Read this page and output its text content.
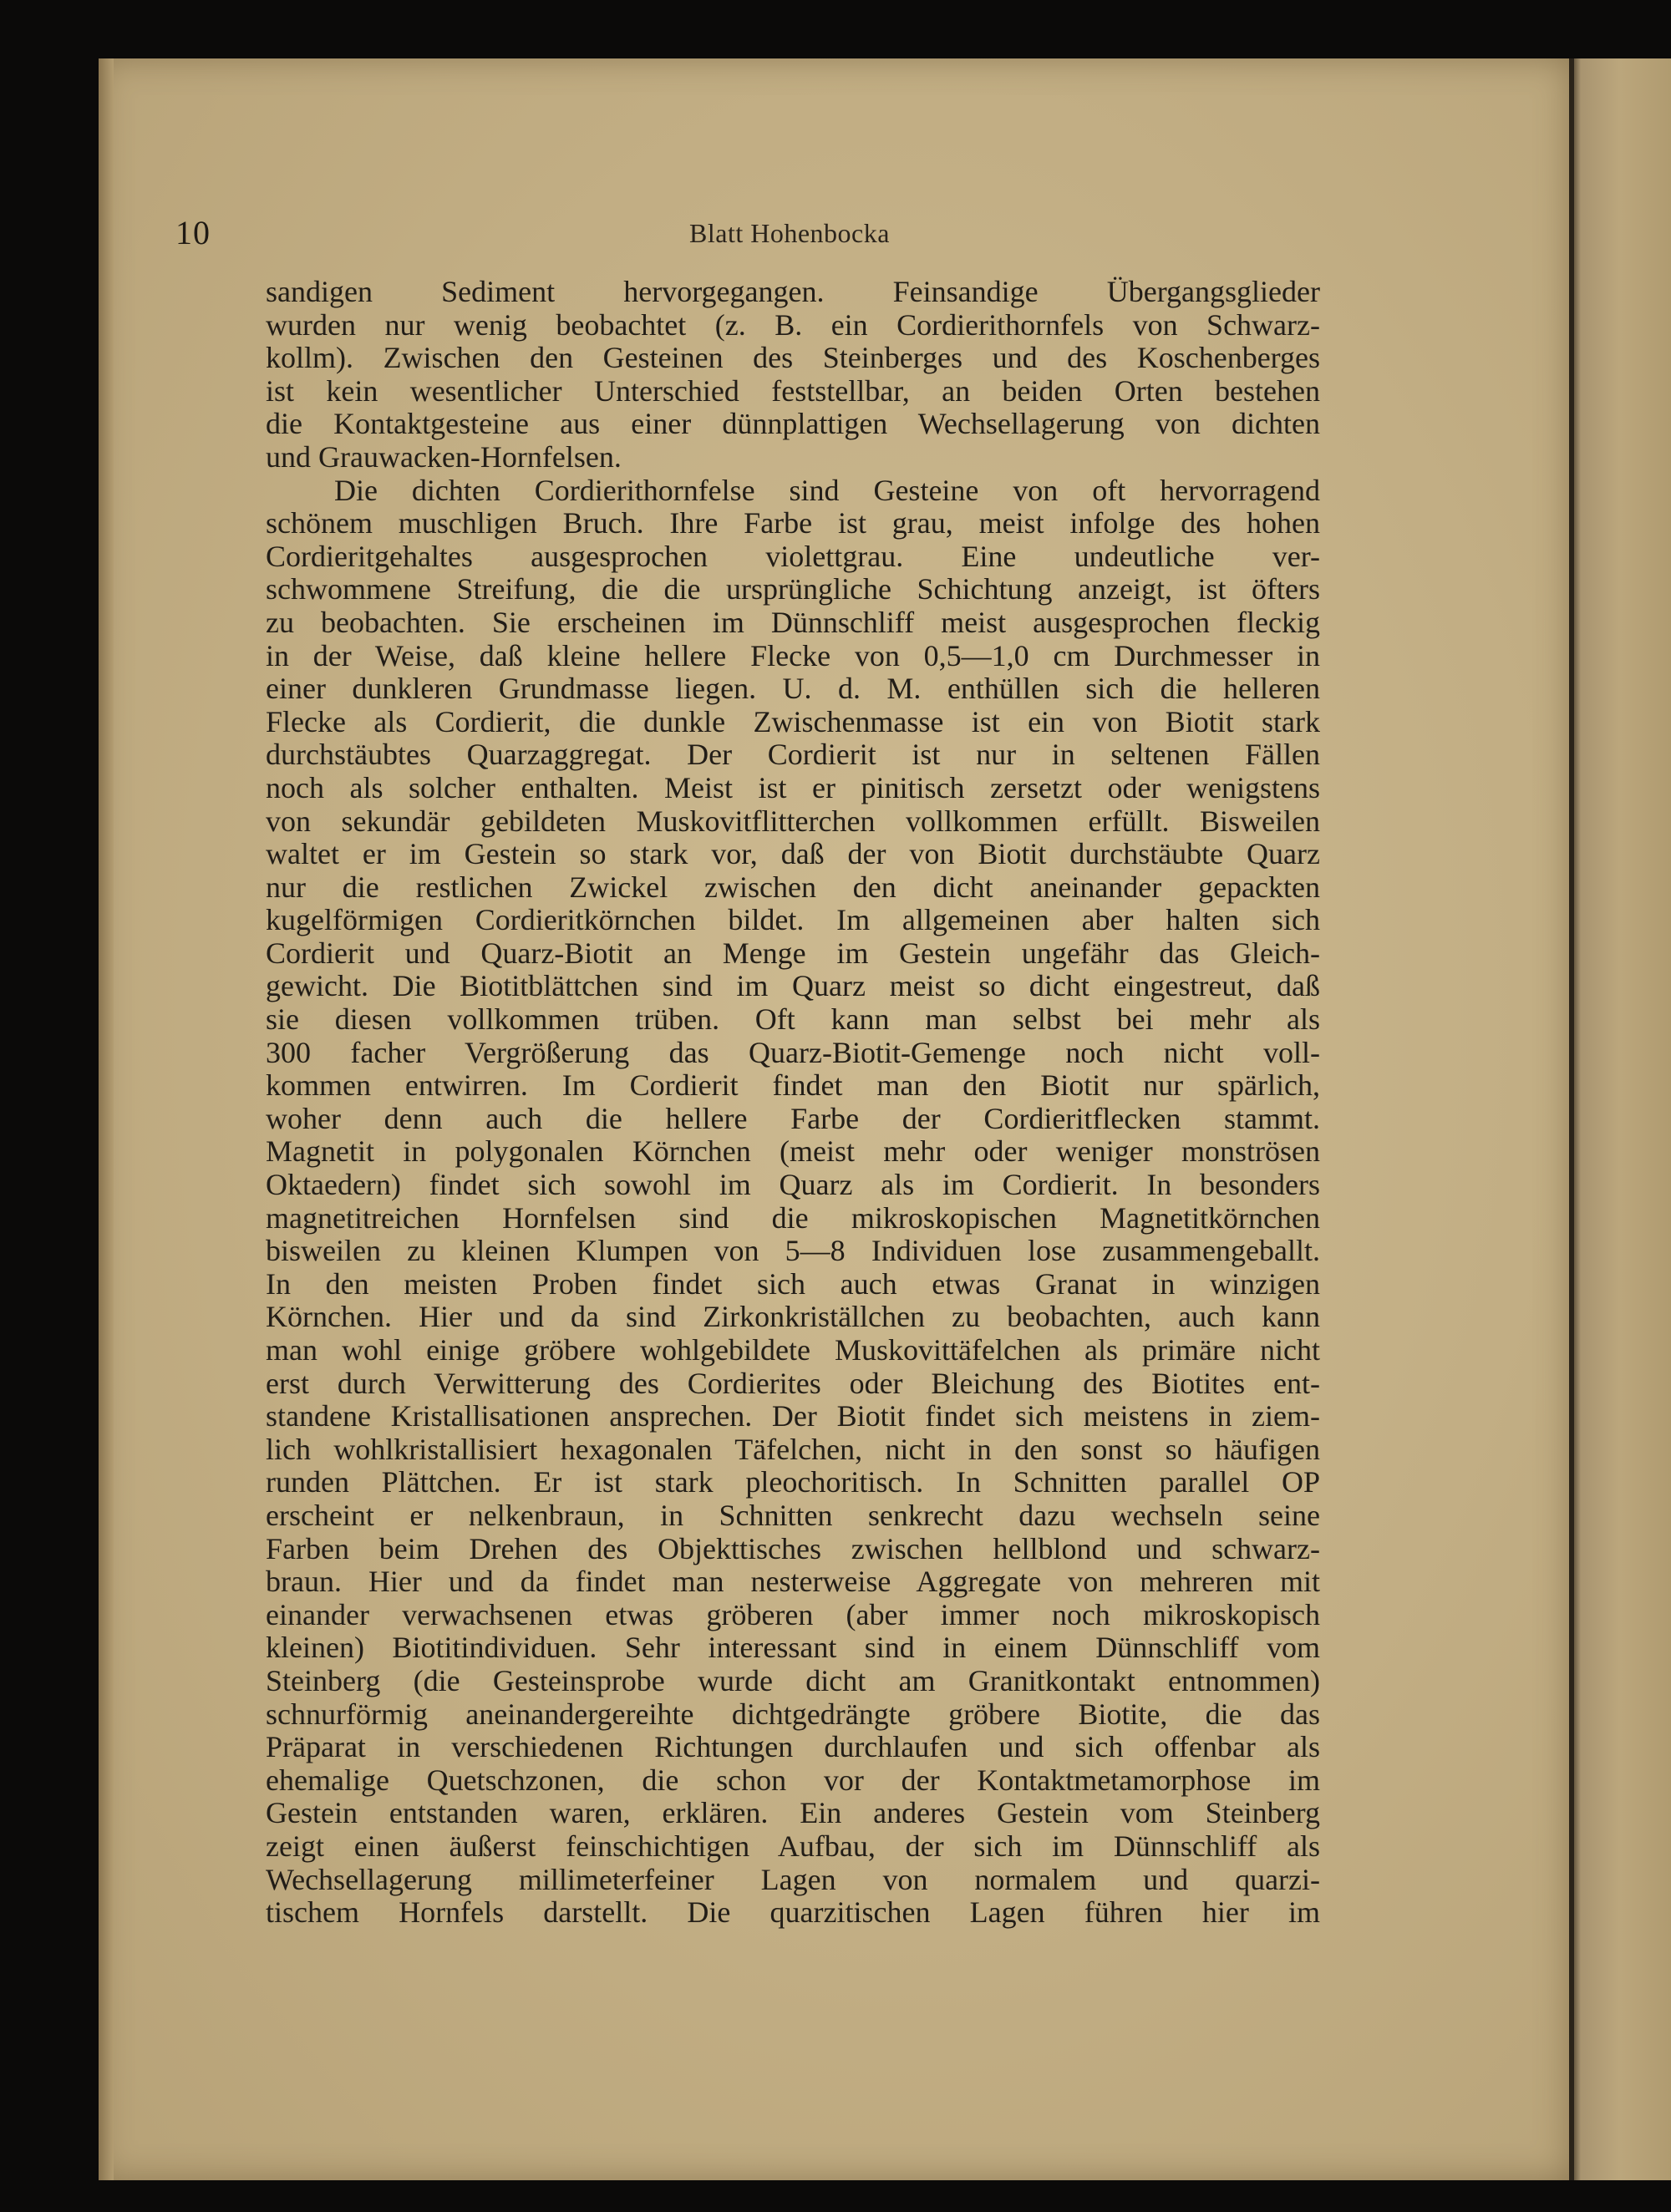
10	Blatt Hohenbocka
sandigen Sediment hervorgegangen. Feinsandige Übergangsglieder
wurden nur wenig beobachtet (z. B. ein Cordierithornfels von Schwarz-
kollm). Zwischen den Gesteinen des Steinberges und des Koschenberges
ist kein wesentlicher Unterschied feststellbar, an beiden Orten bestehen
die Kontaktgesteine aus einer dünnplattigen Wechsellagerung von dichten
und Grauwacken-Hornfelsen.
Die dichten Cordierithornfelse sind Gesteine von oft hervorragend
schönem muschligen Bruch. Ihre Farbe ist grau, meist infolge des hohen
Cordieritgehaltes ausgesprochen violettgrau. Eine undeutliche ver-
schwommene Streifung, die die ursprüngliche Schichtung anzeigt, ist öfters
zu beobachten. Sie erscheinen im Dünnschliff meist ausgesprochen fleckig
in der Weise, daß kleine hellere Flecke von 0,5—1,0 cm Durchmesser in
einer dunkleren Grundmasse liegen. U. d. M. enthüllen sich die helleren
Flecke als Cordierit, die dunkle Zwischenmasse ist ein von Biotit stark
durchstäubtes Quarzaggregat. Der Cordierit ist nur in seltenen Fällen
noch als solcher enthalten. Meist ist er pinitisch zersetzt oder wenigstens
von sekundär gebildeten Muskovitflitterchen vollkommen erfüllt. Bisweilen
waltet er im Gestein so stark vor, daß der von Biotit durchstäubte Quarz
nur die restlichen Zwickel zwischen den dicht aneinander gepackten
kugelförmigen Cordieritkörnchen bildet. Im allgemeinen aber halten sich
Cordierit und Quarz-Biotit an Menge im Gestein ungefähr das Gleich-
gewicht. Die Biotitblättchen sind im Quarz meist so dicht eingestreut, daß
sie diesen vollkommen trüben. Oft kann man selbst bei mehr als
300 facher Vergrößerung das Quarz-Biotit-Gemenge noch nicht voll-
kommen entwirren. Im Cordierit findet man den Biotit nur spärlich,
woher denn auch die hellere Farbe der Cordieritflecken stammt.
Magnetit in polygonalen Körnchen (meist mehr oder weniger monströsen
Oktaedern) findet sich sowohl im Quarz als im Cordierit. In besonders
magnetitreichen Hornfelsen sind die mikroskopischen Magnetitkörnchen
bisweilen zu kleinen Klumpen von 5—8 Individuen lose zusammengeballt.
In den meisten Proben findet sich auch etwas Granat in winzigen
Körnchen. Hier und da sind Zirkonkriställchen zu beobachten, auch kann
man wohl einige gröbere wohlgebildete Muskovittäfelchen als primäre nicht
erst durch Verwitterung des Cordierites oder Bleichung des Biotites ent-
standene Kristallisationen ansprechen. Der Biotit findet sich meistens in ziem-
lich wohlkristallisiert hexagonalen Täfelchen, nicht in den sonst so häufigen
runden Plättchen. Er ist stark pleochoritisch. In Schnitten parallel OP
erscheint er nelkenbraun, in Schnitten senkrecht dazu wechseln seine
Farben beim Drehen des Objekttisches zwischen hellblond und schwarz-
braun. Hier und da findet man nesterweise Aggregate von mehreren mit
einander verwachsenen etwas gröberen (aber immer noch mikroskopisch
kleinen) Biotitindividuen. Sehr interessant sind in einem Dünnschliff vom
Steinberg (die Gesteinsprobe wurde dicht am Granitkontakt entnommen)
schnurförmig aneinandergereihte dichtgedrängte gröbere Biotite, die das
Präparat in verschiedenen Richtungen durchlaufen und sich offenbar als
ehemalige Quetschzonen, die schon vor der Kontaktmetamorphose im
Gestein entstanden waren, erklären. Ein anderes Gestein vom Steinberg
zeigt einen äußerst feinschichtigen Aufbau, der sich im Dünnschliff als
Wechsellagerung millimeterfeiner Lagen von normalem und quarzi-
tischem Hornfels darstellt. Die quarzitischen Lagen führen hier im
